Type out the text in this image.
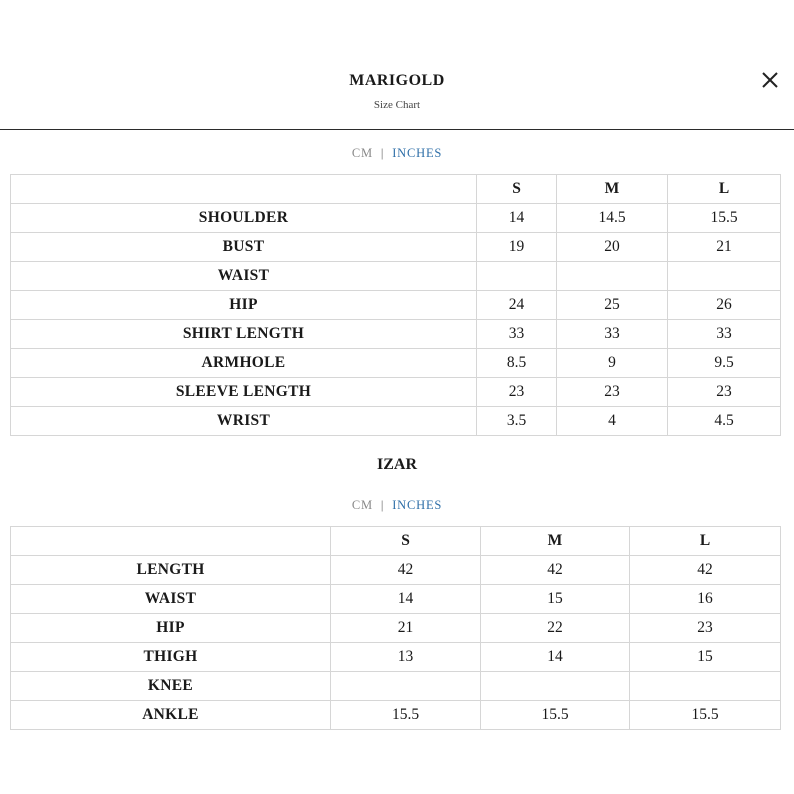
MARIGOLD
Size Chart
CM | INCHES
	S	M	L
SHOULDER	14	14.5	15.5
BUST	19	20	21
WAIST			
HIP	24	25	26
SHIRT LENGTH	33	33	33
ARMHOLE	8.5	9	9.5
SLEEVE LENGTH	23	23	23
WRIST	3.5	4	4.5
IZAR
CM | INCHES
	S	M	L
LENGTH	42	42	42
WAIST	14	15	16
HIP	21	22	23
THIGH	13	14	15
KNEE			
ANKLE	15.5	15.5	15.5
